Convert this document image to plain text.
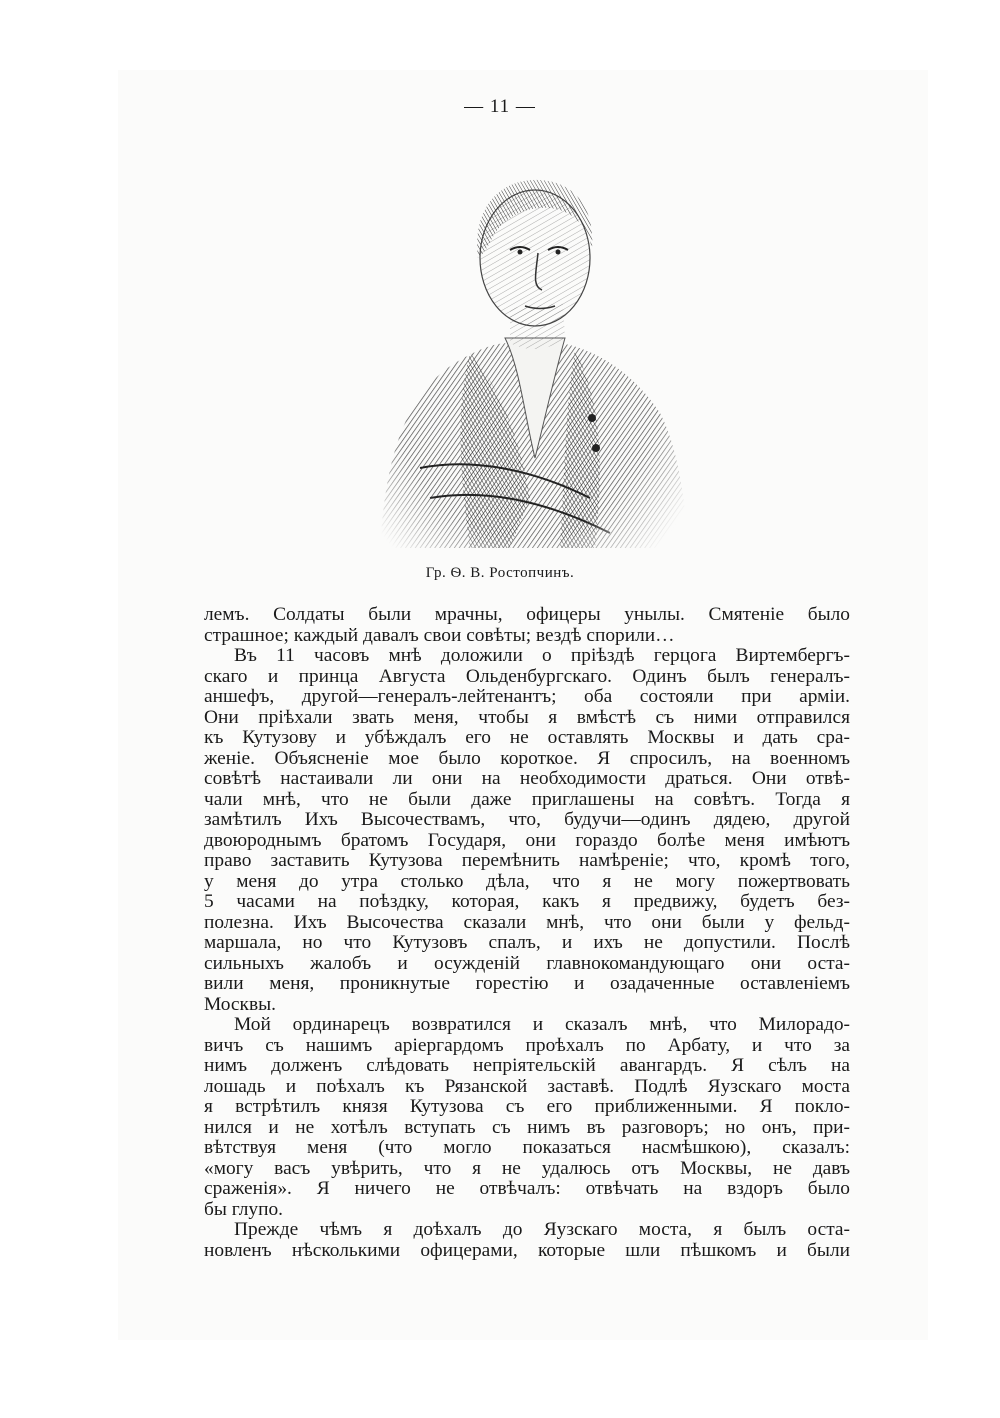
— 11 —
Гр. Ѳ. В. Ростопчинъ.
лемъ. Солдаты были мрачны, офицеры унылы. Смятеніе было
страшное; каждый давалъ свои совѣты; вездѣ спорили…
Въ 11 часовъ мнѣ доложили о пріѣздѣ герцога Виртембергъ-
скаго и принца Августа Ольденбургскаго. Одинъ былъ генералъ-
аншефъ, другой—генералъ-лейтенантъ; оба состояли при арміи.
Они пріѣхали звать меня, чтобы я вмѣстѣ съ ними отправился
къ Кутузову и убѣждалъ его не оставлять Москвы и дать сра-
женіе. Объясненіе мое было короткое. Я спросилъ, на военномъ
совѣтѣ настаивали ли они на необходимости драться. Они отвѣ-
чали мнѣ, что не были даже приглашены на совѣтъ. Тогда я
замѣтилъ Ихъ Высочествамъ, что, будучи—одинъ дядею, другой
двоюроднымъ братомъ Государя, они гораздо болѣе меня имѣютъ
право заставить Кутузова перемѣнить намѣреніе; что, кромѣ того,
у меня до утра столько дѣла, что я не могу пожертвовать
5 часами на поѣздку, которая, какъ я предвижу, будетъ без-
полезна. Ихъ Высочества сказали мнѣ, что они были у фельд-
маршала, но что Кутузовъ спалъ, и ихъ не допустили. Послѣ
сильныхъ жалобъ и осужденій главнокомандующаго они оста-
вили меня, проникнутые горестію и озадаченные оставленіемъ
Москвы.
Мой ординарецъ возвратился и сказалъ мнѣ, что Милорадо-
вичъ съ нашимъ аріергардомъ проѣхалъ по Арбату, и что за
нимъ долженъ слѣдовать непріятельскій авангардъ. Я сѣлъ на
лошадь и поѣхалъ къ Рязанской заставѣ. Подлѣ Яузскаго моста
я встрѣтилъ князя Кутузова съ его приближенными. Я покло-
нился и не хотѣлъ вступать съ нимъ въ разговоръ; но онъ, при-
вѣтствуя меня (что могло показаться насмѣшкою), сказалъ:
«могу васъ увѣрить, что я не удалюсь отъ Москвы, не давъ
сраженія». Я ничего не отвѣчалъ: отвѣчать на вздоръ было
бы глупо.
Прежде чѣмъ я доѣхалъ до Яузскаго моста, я былъ оста-
новленъ нѣсколькими офицерами, которые шли пѣшкомъ и были
